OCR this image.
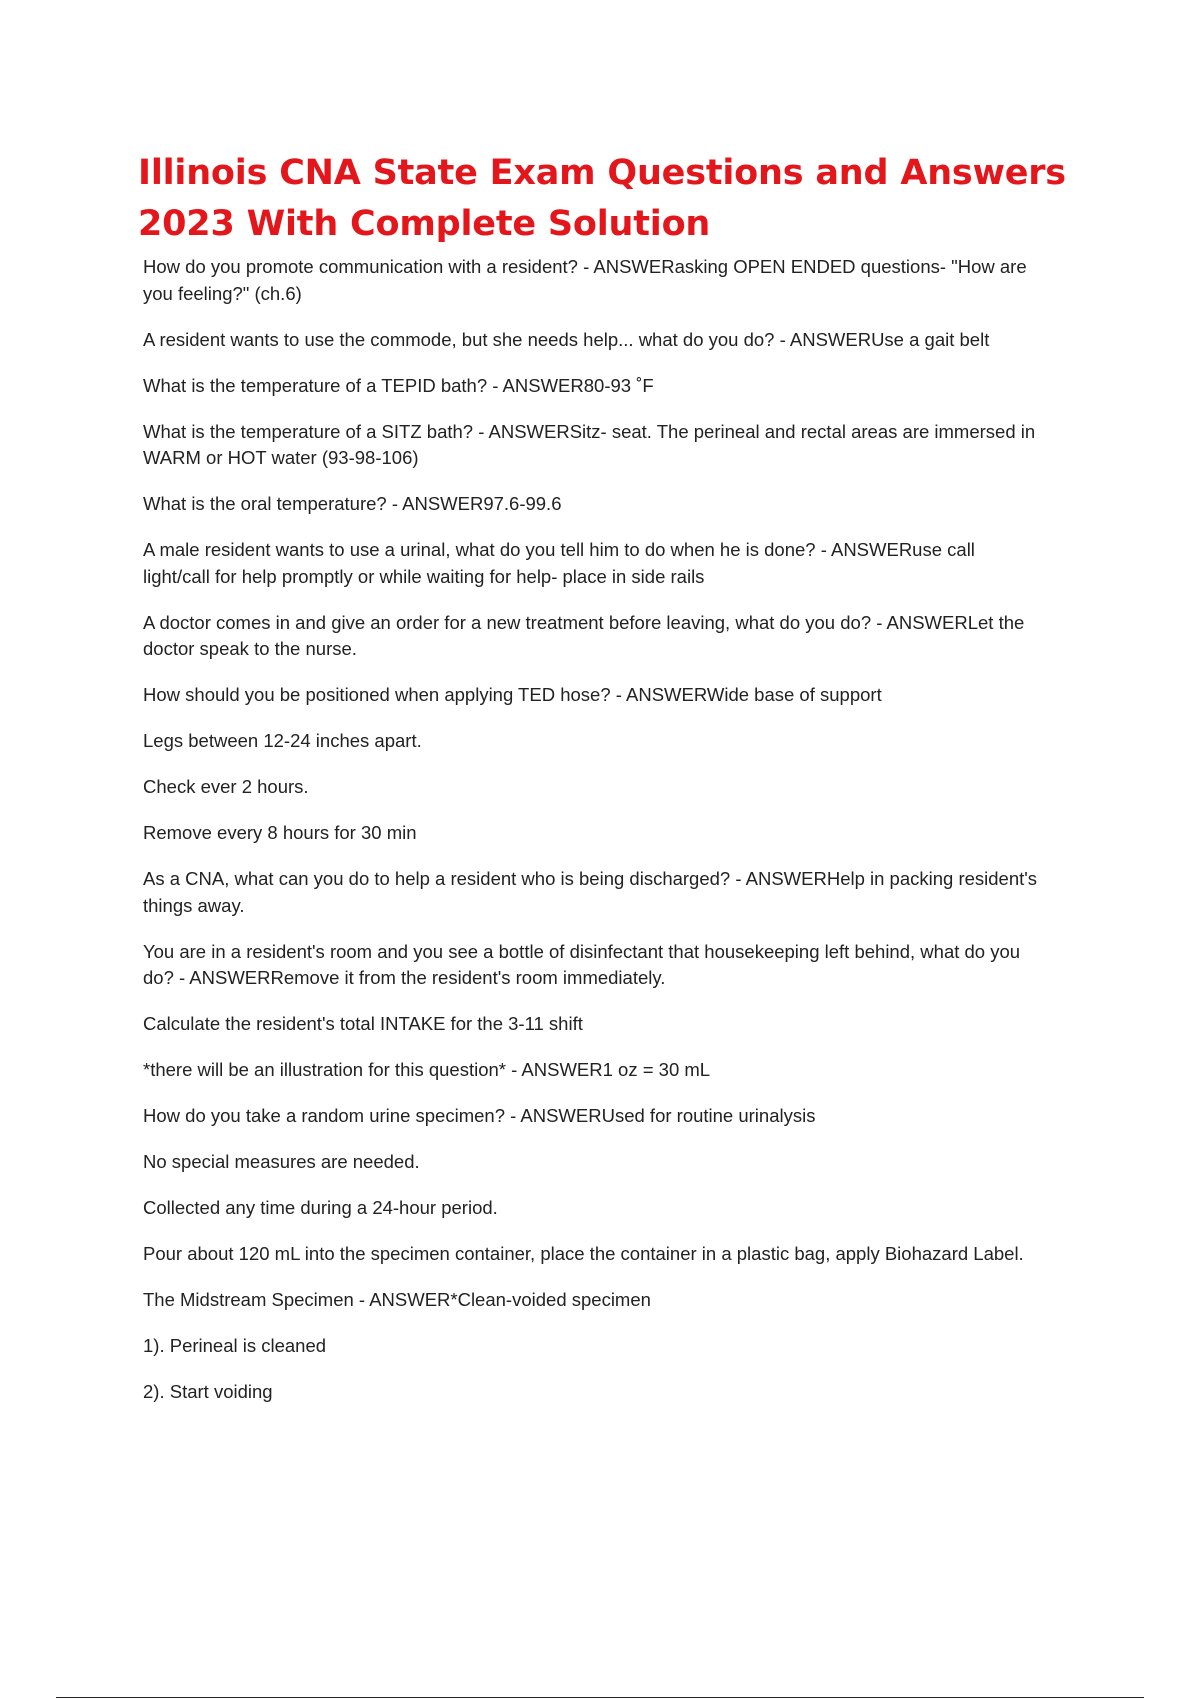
Illinois CNA State Exam Questions and Answers
2023 With Complete Solution

How do you promote communication with a resident? - ANSWERasking OPEN ENDED questions- "How are you feeling?" (ch.6)

A resident wants to use the commode, but she needs help... what do you do? - ANSWERUse a gait belt

What is the temperature of a TEPID bath? - ANSWER80-93 ˚F

What is the temperature of a SITZ bath? - ANSWERSitz- seat. The perineal and rectal areas are immersed in WARM or HOT water (93-98-106)

What is the oral temperature? - ANSWER97.6-99.6

A male resident wants to use a urinal, what do you tell him to do when he is done? - ANSWERuse call light/call for help promptly or while waiting for help- place in side rails

A doctor comes in and give an order for a new treatment before leaving, what do you do? - ANSWERLet the doctor speak to the nurse.

How should you be positioned when applying TED hose? - ANSWERWide base of support

Legs between 12-24 inches apart.

Check ever 2 hours.

Remove every 8 hours for 30 min

As a CNA, what can you do to help a resident who is being discharged? - ANSWERHelp in packing resident's things away.

You are in a resident's room and you see a bottle of disinfectant that housekeeping left behind, what do you do? - ANSWERRemove it from the resident's room immediately.

Calculate the resident's total INTAKE for the 3-11 shift

*there will be an illustration for this question* - ANSWER1 oz = 30 mL

How do you take a random urine specimen? - ANSWERUsed for routine urinalysis

No special measures are needed.

Collected any time during a 24-hour period.

Pour about 120 mL into the specimen container, place the container in a plastic bag, apply Biohazard Label.

The Midstream Specimen - ANSWER*Clean-voided specimen

1). Perineal is cleaned

2). Start voiding
